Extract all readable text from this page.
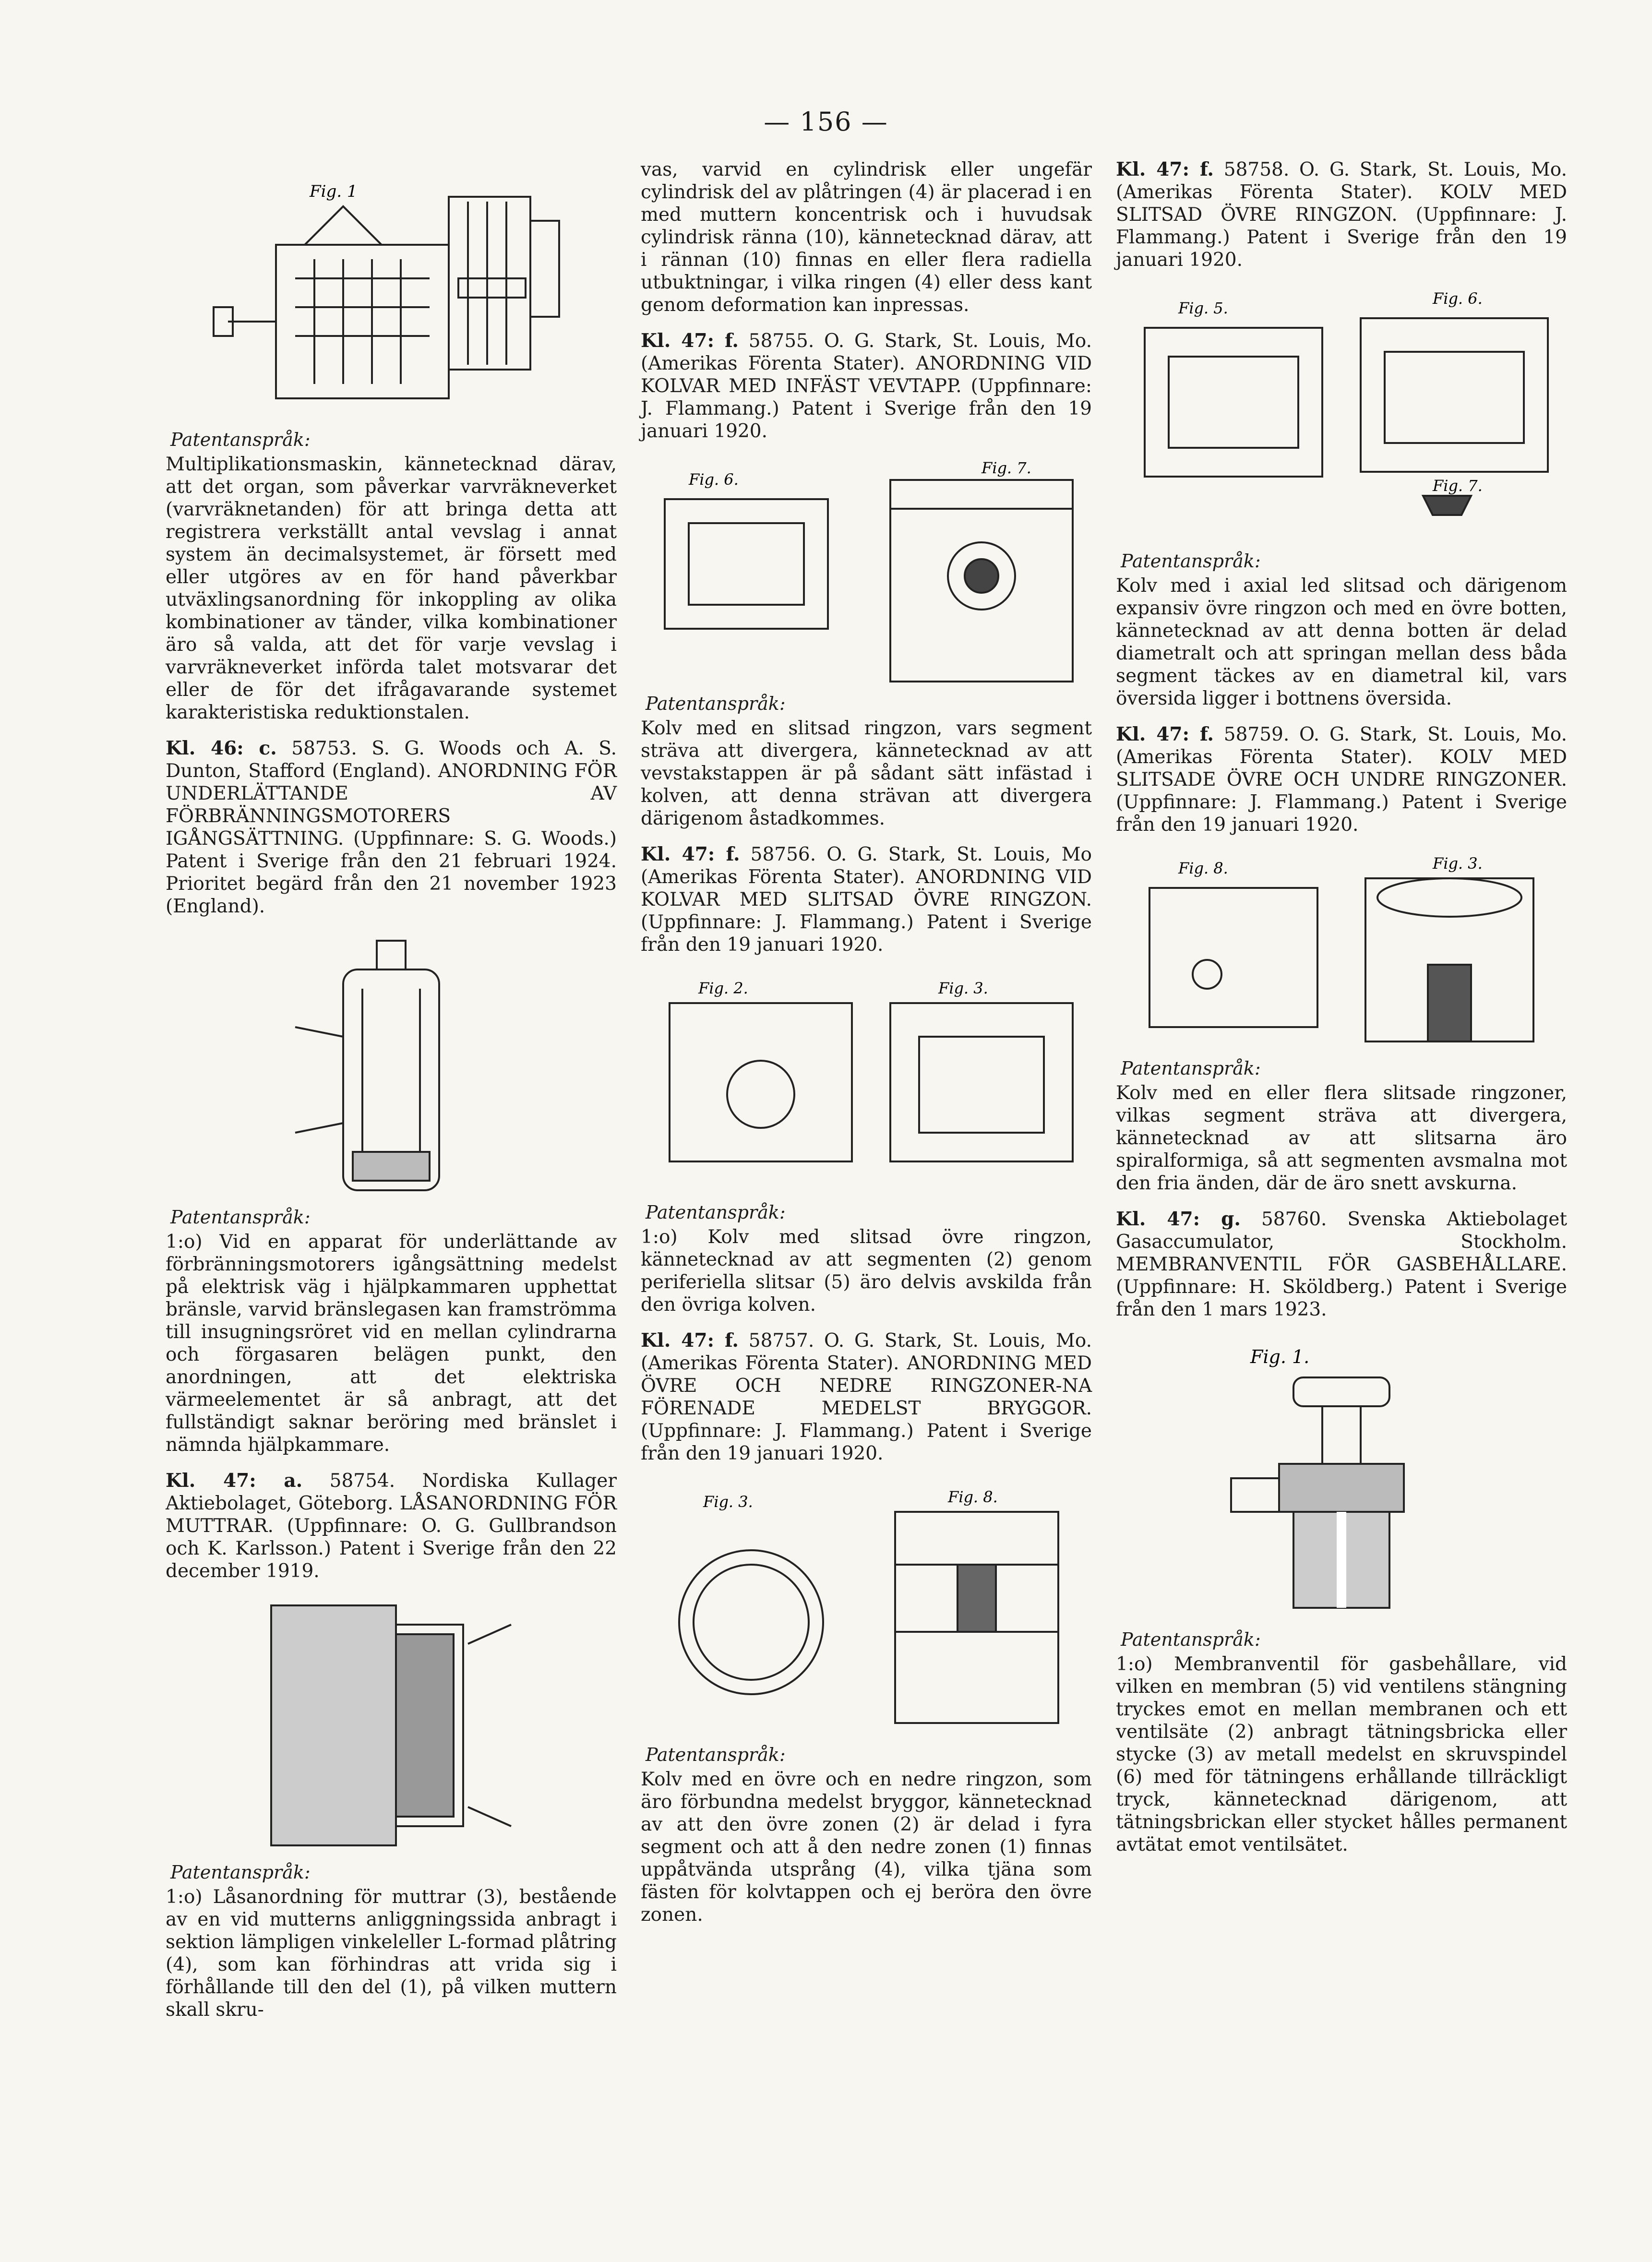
— 156 —
Fig. 1
Patentanspråk:

Multiplikationsmaskin, kännetecknad därav, att det organ, som påverkar varvräkneverket (varvräknetanden) för att bringa detta att registrera verkställt antal vevslag i annat system än decimalsystemet, är försett med eller utgöres av en för hand påverkbar utväxlingsanordning för inkoppling av olika kombinationer av tänder, vilka kombinationer äro så valda, att det för varje vevslag i varvräkneverket införda talet motsvarar det eller de för det ifrågavarande systemet karakteristiska reduktionstalen.

Kl. 46: c. 58753. S. G. Woods och A. S. Dunton, Stafford (England). ANORDNING FÖR UNDERLÄTTANDE AV FÖRBRÄNNINGSMOTORERS IGÅNGSÄTTNING. (Uppfinnare: S. G. Woods.) Patent i Sverige från den 21 februari 1924. Prioritet begärd från den 21 november 1923 (England).

Patentanspråk:

1:o) Vid en apparat för underlättande av förbränningsmotorers igångsättning medelst på elektrisk väg i hjälpkammaren upphettat bränsle, varvid bränslegasen kan framströmma till insugningsröret vid en mellan cylindrarna och förgasaren belägen punkt, den anordningen, att det elektriska värmeelementet är så anbragt, att det fullständigt saknar beröring med bränslet i nämnda hjälpkammare.

Kl. 47: a. 58754. Nordiska Kullager Aktiebolaget, Göteborg. LÅSANORDNING FÖR MUTTRAR. (Uppfinnare: O. G. Gullbrandson och K. Karlsson.) Patent i Sverige från den 22 december 1919.

Patentanspråk:

1:o) Låsanordning för muttrar (3), bestående av en vid mutterns anliggningssida anbragt i sektion lämpligen vinkeleller L-formad plåtring (4), som kan förhindras att vrida sig i förhållande till den del (1), på vilken muttern skall skru-

vas, varvid en cylindrisk eller ungefär cylindrisk del av plåtringen (4) är placerad i en med muttern koncentrisk och i huvudsak cylindrisk ränna (10), kännetecknad därav, att i rännan (10) finnas en eller flera radiella utbuktningar, i vilka ringen (4) eller dess kant genom deformation kan inpressas.

Kl. 47: f. 58755. O. G. Stark, St. Louis, Mo. (Amerikas Förenta Stater). ANORDNING VID KOLVAR MED INFÄST VEVTAPP. (Uppfinnare: J. Flammang.) Patent i Sverige från den 19 januari 1920.

Fig. 6.
Fig. 7.
Patentanspråk:

Kolv med en slitsad ringzon, vars segment sträva att divergera, kännetecknad av att vevstakstappen är på sådant sätt infästad i kolven, att denna strävan att divergera därigenom åstadkommes.

Kl. 47: f. 58756. O. G. Stark, St. Louis, Mo (Amerikas Förenta Stater). ANORDNING VID KOLVAR MED SLITSAD ÖVRE RINGZON. (Uppfinnare: J. Flammang.) Patent i Sverige från den 19 januari 1920.

Fig. 2.	Fig. 3.
Patentanspråk:

1:o) Kolv med slitsad övre ringzon, kännetecknad av att segmenten (2) genom periferiella slitsar (5) äro delvis avskilda från den övriga kolven.

Kl. 47: f. 58757. O. G. Stark, St. Louis, Mo. (Amerikas Förenta Stater). ANORDNING MED ÖVRE OCH NEDRE RINGZONER-NA FÖRENADE MEDELST BRYGGOR. (Uppfinnare: J. Flammang.) Patent i Sverige från den 19 januari 1920.

Fig. 3.	Fig. 8.
Patentanspråk:

Kolv med en övre och en nedre ringzon, som äro förbundna medelst bryggor, kännetecknad av att den övre zonen (2) är delad i fyra segment och att å den nedre zonen (1) finnas uppåtvända utsprång (4), vilka tjäna som fästen för kolvtappen och ej beröra den övre zonen.

Kl. 47: f. 58758. O. G. Stark, St. Louis, Mo. (Amerikas Förenta Stater). KOLV MED SLITSAD ÖVRE RINGZON. (Uppfinnare: J. Flammang.) Patent i Sverige från den 19 januari 1920.

Fig. 5.
Fig. 6.
Fig. 7.
Patentanspråk:

Kolv med i axial led slitsad och därigenom expansiv övre ringzon och med en övre botten, kännetecknad av att denna botten är delad diametralt och att springan mellan dess båda segment täckes av en diametral kil, vars översida ligger i bottnens översida.

Kl. 47: f. 58759. O. G. Stark, St. Louis, Mo. (Amerikas Förenta Stater). KOLV MED SLITSADE ÖVRE OCH UNDRE RINGZONER. (Uppfinnare: J. Flammang.) Patent i Sverige från den 19 januari 1920.

Fig. 8.	Fig. 3.
Patentanspråk:

Kolv med en eller flera slitsade ringzoner, vilkas segment sträva att divergera, kännetecknad av att slitsarna äro spiralformiga, så att segmenten avsmalna mot den fria änden, där de äro snett avskurna.

Kl. 47: g. 58760. Svenska Aktiebolaget Gasaccumulator, Stockholm. MEMBRANVENTIL FÖR GASBEHÅLLARE. (Uppfinnare: H. Sköldberg.) Patent i Sverige från den 1 mars 1923.

Fig. 1.
Patentanspråk:

1:o) Membranventil för gasbehållare, vid vilken en membran (5) vid ventilens stängning tryckes emot en mellan membranen och ett ventilsäte (2) anbragt tätningsbricka eller stycke (3) av metall medelst en skruvspindel (6) med för tätningens erhållande tillräckligt tryck, kännetecknad därigenom, att tätningsbrickan eller stycket hålles permanent avtätat emot ventilsätet.
